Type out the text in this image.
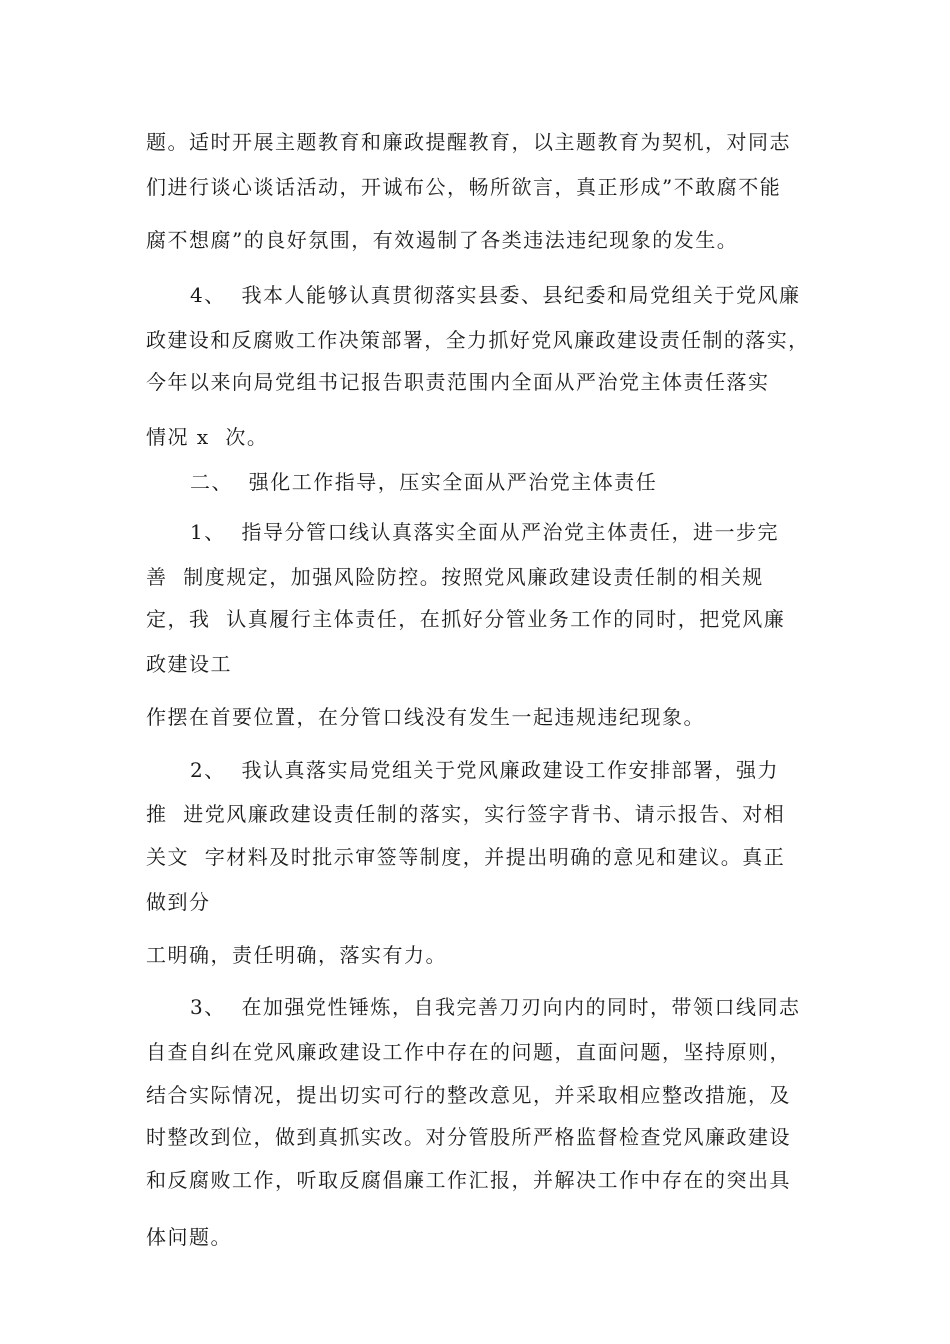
题。适时开展主题教育和廉政提醒教育，以主题教育为契机，对同志
们进行谈心谈话活动，开诚布公，畅所欲言，真正形成”不敢腐不能
腐不想腐”的良好氛围，有效遏制了各类违法违纪现象的发生。
4、  我本人能够认真贯彻落实县委、县纪委和局党组关于党风廉
政建设和反腐败工作决策部署，全力抓好党风廉政建设责任制的落实，
今年以来向局党组书记报告职责范围内全面从严治党主体责任落实
情况 x  次。
二、  强化工作指导，压实全面从严治党主体责任
1、  指导分管口线认真落实全面从严治党主体责任，进一步完
善  制度规定，加强风险防控。按照党风廉政建设责任制的相关规
定，我  认真履行主体责任，在抓好分管业务工作的同时，把党风廉
政建设工
作摆在首要位置，在分管口线没有发生一起违规违纪现象。
2、  我认真落实局党组关于党风廉政建设工作安排部署，强力
推  进党风廉政建设责任制的落实，实行签字背书、请示报告、对相
关文  字材料及时批示审签等制度，并提出明确的意见和建议。真正
做到分
工明确，责任明确，落实有力。
3、  在加强党性锤炼，自我完善刀刃向内的同时，带领口线同志
自查自纠在党风廉政建设工作中存在的问题，直面问题，坚持原则，
结合实际情况，提出切实可行的整改意见，并采取相应整改措施，及
时整改到位，做到真抓实改。对分管股所严格监督检查党风廉政建设
和反腐败工作，听取反腐倡廉工作汇报，并解决工作中存在的突出具
体问题。
